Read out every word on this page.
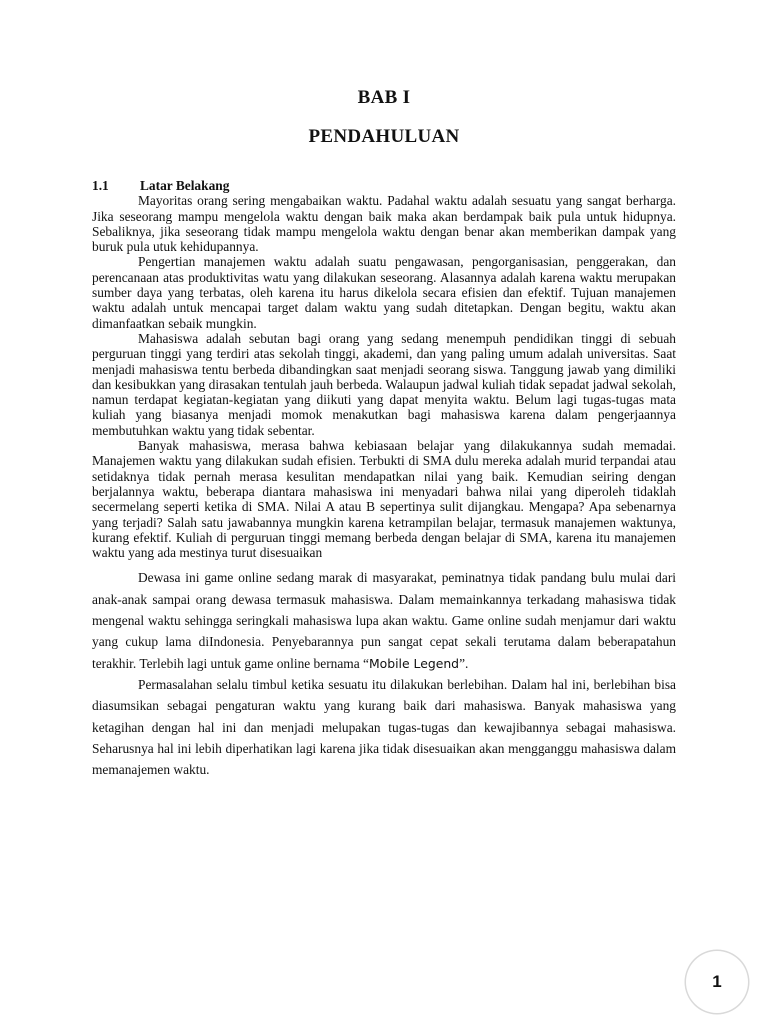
BAB I
PENDAHULUAN
1.1	Latar Belakang

Mayoritas orang sering mengabaikan waktu. Padahal waktu adalah sesuatu yang sangat berharga. Jika seseorang mampu mengelola waktu dengan baik maka akan berdampak baik pula untuk hidupnya. Sebaliknya, jika seseorang tidak mampu mengelola waktu dengan benar akan memberikan dampak yang buruk pula utuk kehidupannya.

Pengertian manajemen waktu adalah suatu pengawasan, pengorganisasian, penggerakan, dan perencanaan atas produktivitas watu yang dilakukan seseorang. Alasannya adalah karena waktu merupakan sumber daya yang terbatas, oleh karena itu harus dikelola secara efisien dan efektif. Tujuan manajemen waktu adalah untuk mencapai target dalam waktu yang sudah ditetapkan. Dengan begitu, waktu akan dimanfaatkan sebaik mungkin.

Mahasiswa adalah sebutan bagi orang yang sedang menempuh pendidikan tinggi di sebuah perguruan tinggi yang terdiri atas sekolah tinggi, akademi, dan yang paling umum adalah universitas. Saat menjadi mahasiswa tentu berbeda dibandingkan saat menjadi seorang siswa. Tanggung jawab yang dimiliki dan kesibukkan yang dirasakan tentulah jauh berbeda. Walaupun jadwal kuliah tidak sepadat jadwal sekolah, namun terdapat kegiatan-kegiatan yang diikuti yang dapat menyita waktu. Belum lagi tugas-tugas mata kuliah yang biasanya menjadi momok menakutkan bagi mahasiswa karena dalam pengerjaannya membutuhkan waktu yang tidak sebentar.

Banyak mahasiswa, merasa bahwa kebiasaan belajar yang dilakukannya sudah memadai. Manajemen waktu yang dilakukan sudah efisien. Terbukti di SMA dulu mereka adalah murid terpandai atau setidaknya tidak pernah merasa kesulitan mendapatkan nilai yang baik. Kemudian seiring dengan berjalannya waktu, beberapa diantara mahasiswa ini menyadari bahwa nilai yang diperoleh tidaklah secermelang seperti ketika di SMA. Nilai A atau B sepertinya sulit dijangkau. Mengapa? Apa sebenarnya yang terjadi? Salah satu jawabannya mungkin karena ketrampilan belajar, termasuk manajemen waktunya, kurang efektif. Kuliah di perguruan tinggi memang berbeda dengan belajar di SMA, karena itu manajemen waktu yang ada mestinya turut disesuaikan

Dewasa ini game online sedang marak di masyarakat, peminatnya tidak pandang bulu mulai dari anak-anak sampai orang dewasa termasuk mahasiswa. Dalam memainkannya terkadang mahasiswa tidak mengenal waktu sehingga seringkali mahasiswa lupa akan waktu. Game online sudah menjamur dari waktu yang cukup lama diIndonesia. Penyebarannya pun sangat cepat sekali terutama dalam beberapatahun terakhir. Terlebih lagi untuk game online bernama “Mobile Legend”.

Permasalahan selalu timbul ketika sesuatu itu dilakukan berlebihan. Dalam hal ini, berlebihan bisa diasumsikan sebagai pengaturan waktu yang kurang baik dari mahasiswa. Banyak mahasiswa yang ketagihan dengan hal ini dan menjadi melupakan tugas-tugas dan kewajibannya sebagai mahasiswa. Seharusnya hal ini lebih diperhatikan lagi karena jika tidak disesuaikan akan mengganggu mahasiswa dalam memanajemen waktu.

1
